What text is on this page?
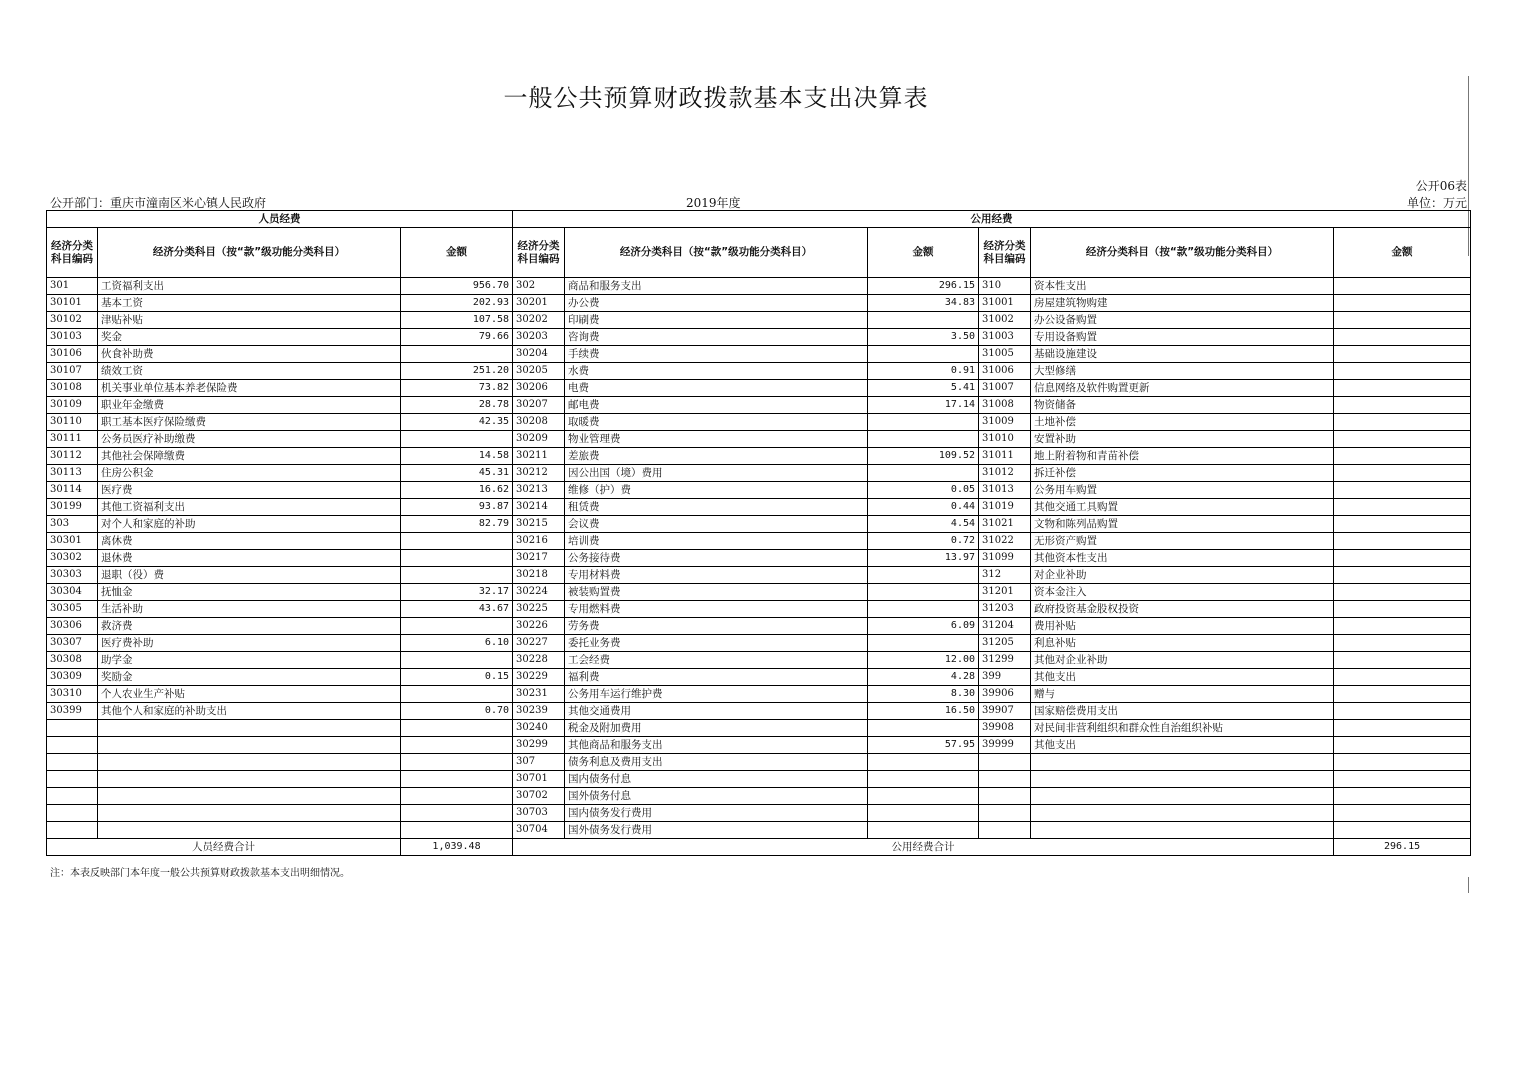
一般公共预算财政拨款基本支出决算表
公开06表
公开部门：重庆市潼南区米心镇人民政府	2019年度	单位：万元
人员经费			公用经费					
经济分类科目编码	经济分类科目（按“款”级功能分类科目）	金额	经济分类科目编码	经济分类科目（按“款”级功能分类科目）	金额	经济分类科目编码	经济分类科目（按“款”级功能分类科目）	金额
301	工资福利支出	956.70	302	商品和服务支出	296.15	310	资本性支出	
30101	基本工资	202.93	30201	办公费	34.83	31001	房屋建筑物购建	
30102	津贴补贴	107.58	30202	印刷费		31002	办公设备购置	
30103	奖金	79.66	30203	咨询费	3.50	31003	专用设备购置	
30106	伙食补助费		30204	手续费		31005	基础设施建设	
30107	绩效工资	251.20	30205	水费	0.91	31006	大型修缮	
30108	机关事业单位基本养老保险费	73.82	30206	电费	5.41	31007	信息网络及软件购置更新	
30109	职业年金缴费	28.78	30207	邮电费	17.14	31008	物资储备	
30110	职工基本医疗保险缴费	42.35	30208	取暖费		31009	土地补偿	
30111	公务员医疗补助缴费		30209	物业管理费		31010	安置补助	
30112	其他社会保障缴费	14.58	30211	差旅费	109.52	31011	地上附着物和青苗补偿	
30113	住房公积金	45.31	30212	因公出国（境）费用		31012	拆迁补偿	
30114	医疗费	16.62	30213	维修（护）费	0.05	31013	公务用车购置	
30199	其他工资福利支出	93.87	30214	租赁费	0.44	31019	其他交通工具购置	
303	对个人和家庭的补助	82.79	30215	会议费	4.54	31021	文物和陈列品购置	
30301	离休费		30216	培训费	0.72	31022	无形资产购置	
30302	退休费		30217	公务接待费	13.97	31099	其他资本性支出	
30303	退职（役）费		30218	专用材料费		312	对企业补助	
30304	抚恤金	32.17	30224	被装购置费		31201	资本金注入	
30305	生活补助	43.67	30225	专用燃料费		31203	政府投资基金股权投资	
30306	救济费		30226	劳务费	6.09	31204	费用补贴	
30307	医疗费补助	6.10	30227	委托业务费		31205	利息补贴	
30308	助学金		30228	工会经费	12.00	31299	其他对企业补助	
30309	奖励金	0.15	30229	福利费	4.28	399	其他支出	
30310	个人农业生产补贴		30231	公务用车运行维护费	8.30	39906	赠与	
30399	其他个人和家庭的补助支出	0.70	30239	其他交通费用	16.50	39907	国家赔偿费用支出	
			30240	税金及附加费用		39908	对民间非营利组织和群众性自治组织补贴	
			30299	其他商品和服务支出	57.95	39999	其他支出	
			307	债务利息及费用支出				
			30701	国内债务付息				
			30702	国外债务付息				
			30703	国内债务发行费用				
			30704	国外债务发行费用				
人员经费合计		1,039.48	公用经费合计					296.15
注：本表反映部门本年度一般公共预算财政拨款基本支出明细情况。
